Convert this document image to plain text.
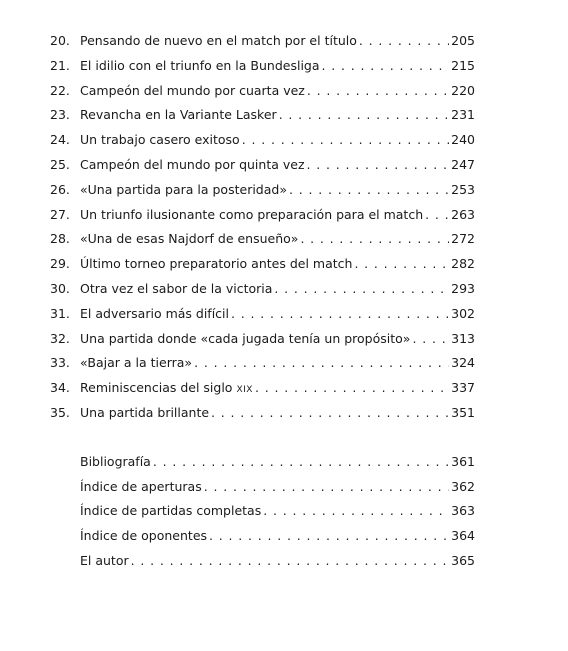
20. Pensando de nuevo en el match por el título . . .	205
21. El idilio con el triunfo en la Bundesliga . . .	215
22. Campeón del mundo por cuarta vez . . .	220
23. Revancha en la Variante Lasker . . .	231
24. Un trabajo casero exitoso . . .	240
25. Campeón del mundo por quinta vez . . .	247
26. «Una partida para la posteridad» . . .	253
27. Un triunfo ilusionante como preparación para el match . . . 263
28. «Una de esas Najdorf de ensueño» . . .	272
29. Último torneo preparatorio antes del match . . .	282
30. Otra vez el sabor de la victoria . . .	293
31. El adversario más difícil . . .	302
32. Una partida donde «cada jugada tenía un propósito» . . .	313
33. «Bajar a la tierra» . . .	324
34. Reminiscencias del siglo XIX . . .	337
35. Una partida brillante . . .	351
Bibliografía . . .	361
Índice de aperturas . . .	362
Índice de partidas completas . . .	363
Índice de oponentes . . .	364
El autor . . .	365
